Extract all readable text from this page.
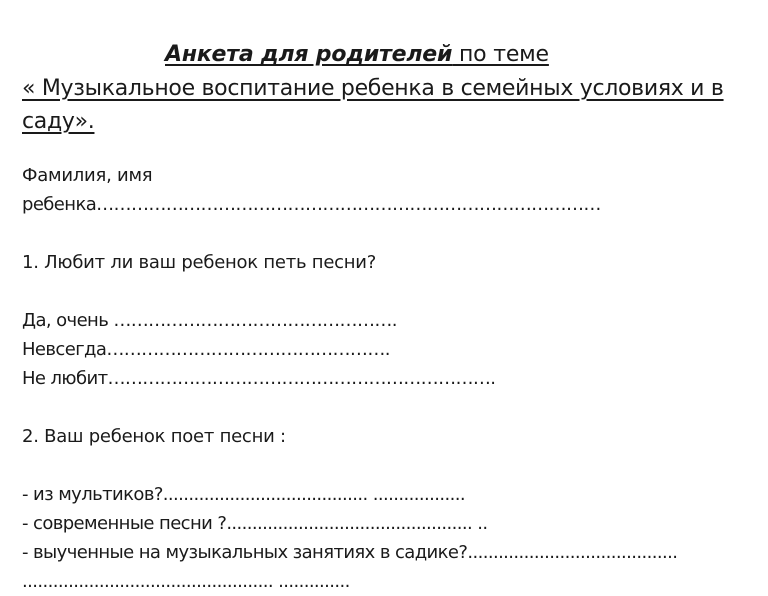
Анкета для родителей по теме
« Музыкальное воспитание ребенка в семейных условиях и в саду».
Фамилия, имя
ребенка……………………………………………………………………………
1. Любит ли ваш ребенок петь песни?
Да, очень ………………………………………….
Невсегда………………………………………….
Не любит………………………………………………………….
2. Ваш ребенок поет песни :
- из мультиков?........................................ ..................
- современные песни ?................................................ ..
- выученные на музыкальных занятиях в садике?.........................................
................................................. ..............
